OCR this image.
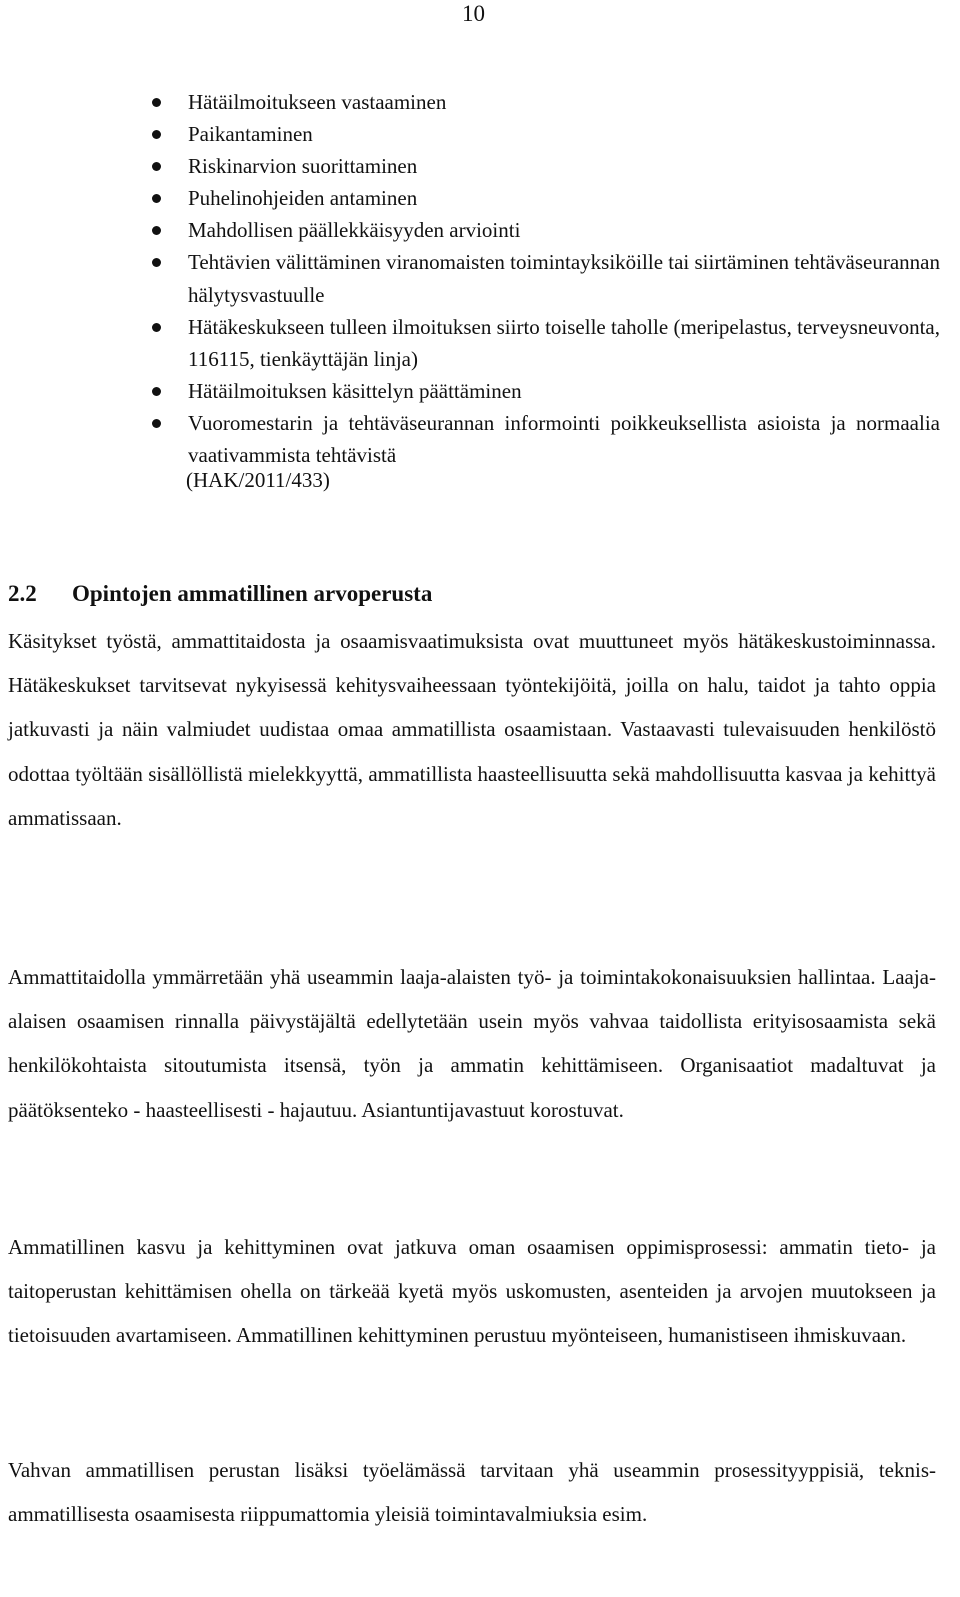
10
Hätäilmoitukseen vastaaminen
Paikantaminen
Riskinarvion suorittaminen
Puhelinohjeiden antaminen
Mahdollisen päällekkäisyyden arviointi
Tehtävien välittäminen viranomaisten toimintayksiköille tai siirtäminen tehtäväseurannan hälytysvastuulle
Hätäkeskukseen tulleen ilmoituksen siirto toiselle taholle (meripelastus, terveysneuvonta, 116115, tienkäyttäjän linja)
Hätäilmoituksen käsittelyn päättäminen
Vuoromestarin ja tehtäväseurannan informointi poikkeuksellista asioista ja normaalia vaativammista tehtävistä
(HAK/2011/433)
2.2 Opintojen ammatillinen arvoperusta

Käsitykset työstä, ammattitaidosta ja osaamisvaatimuksista ovat muuttuneet myös hätäkeskustoiminnassa. Hätäkeskukset tarvitsevat nykyisessä kehitysvaiheessaan työntekijöitä, joilla on halu, taidot ja tahto oppia jatkuvasti ja näin valmiudet uudistaa omaa ammatillista osaamistaan. Vastaavasti tulevaisuuden henkilöstö odottaa työltään sisällöllistä mielekkyyttä, ammatillista haasteellisuutta sekä mahdollisuutta kasvaa ja kehittyä ammatissaan.

Ammattitaidolla ymmärretään yhä useammin laaja-alaisten työ- ja toimintakokonaisuuksien hallintaa. Laaja-alaisen osaamisen rinnalla päivystäjältä edellytetään usein myös vahvaa taidollista erityisosaamista sekä henkilökohtaista sitoutumista itsensä, työn ja ammatin kehittämiseen. Organisaatiot madaltuvat ja päätöksenteko - haasteellisesti - hajautuu. Asiantuntijavastuut korostuvat.

Ammatillinen kasvu ja kehittyminen ovat jatkuva oman osaamisen oppimisprosessi: ammatin tieto- ja taitoperustan kehittämisen ohella on tärkeää kyetä myös uskomusten, asenteiden ja arvojen muutokseen ja tietoisuuden avartamiseen. Ammatillinen kehittyminen perustuu myönteiseen, humanistiseen ihmiskuvaan.

Vahvan ammatillisen perustan lisäksi työelämässä tarvitaan yhä useammin prosessityyppisiä, teknis-ammatillisesta osaamisesta riippumattomia yleisiä toimintavalmiuksia esim.
